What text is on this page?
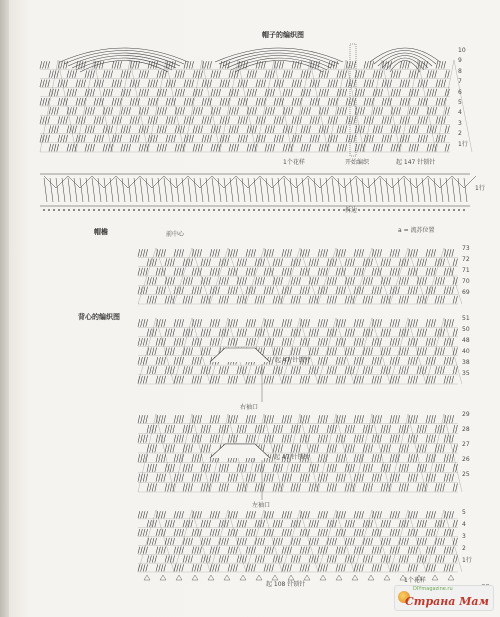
帽子的编织图
10
9
8
7
6
5
4
3
2
1行
1个花样	开始编织	起 147 针锁针
1行
拆边
帽檐	前中心
a = 流苏位置
背心的编织图
73
72
71
70
69
51
50
48
40
38
35
29
28
27
26
25
5
4
3
2
1行
起 47 针锁针
右袖口
起 47 针锁针
左袖口
起 108 针锁针
1个花样
DIYmagazine.ru
Страна Мам
